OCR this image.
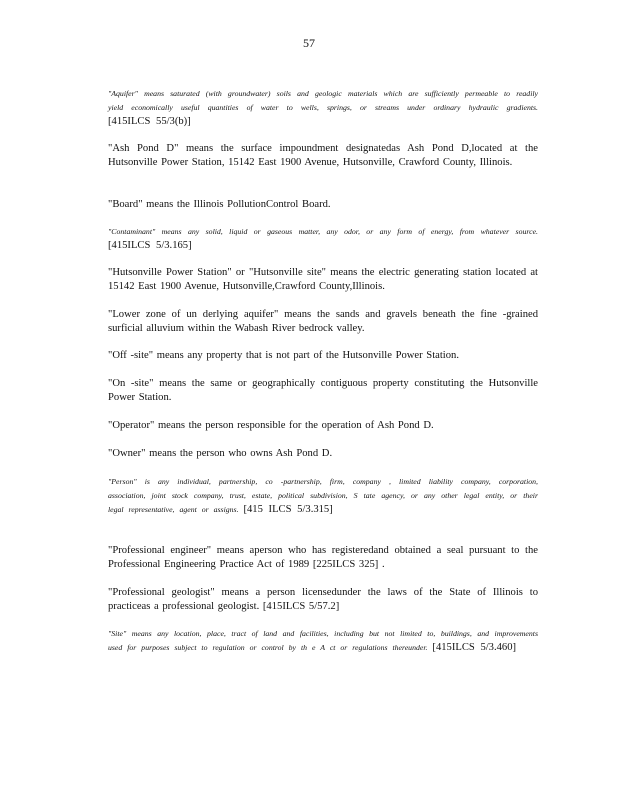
57
"Aquifer" means saturated (with groundwater) soils and geologic materials which are sufficiently permeable to readily yield economically useful quantities of water to wells, springs, or streams under ordinary hydraulic gradients. [415ILCS 55/3(b)]
"Ash Pond D" means the surface impoundment designatedas Ash Pond D,located at the Hutsonville Power Station, 15142 East 1900 Avenue, Hutsonville, Crawford County, Illinois.
"Board" means the Illinois PollutionControl Board.
"Contaminant" means any solid, liquid or gaseous matter, any odor, or any form of energy, from whatever source. [415ILCS 5/3.165]
"Hutsonville Power Station" or "Hutsonville site" means the electric generating station located at 15142 East 1900 Avenue, Hutsonville,Crawford County,Illinois.
"Lower zone of un derlying aquifer" means the sands and gravels beneath the fine -grained surficial alluvium within the Wabash River bedrock valley.
"Off -site" means any property that is not part of the Hutsonville Power Station.
"On -site" means the same or geographically contiguous property constituting the Hutsonville Power Station.
"Operator" means the person responsible for the operation of Ash Pond D.
"Owner" means the person who owns Ash Pond D.
"Person" is any individual, partnership, co -partnership, firm, company , limited liability company, corporation, association, joint stock company, trust, estate, political subdivision, S tate agency, or any other legal entity, or their legal representative, agent or assigns. [415 ILCS 5/3.315]
"Professional engineer" means aperson who has registeredand obtained a seal pursuant to the Professional Engineering Practice Act of 1989 [225ILCS 325] .
"Professional geologist" means a person licensedunder the laws of the State of Illinois to practiceas a professional geologist. [415ILCS 5/57.2]
"Site" means any location, place, tract of land and facilities, including but not limited to, buildings, and improvements used for purposes subject to regulation or control by th e A ct or regulations thereunder. [415ILCS 5/3.460]
